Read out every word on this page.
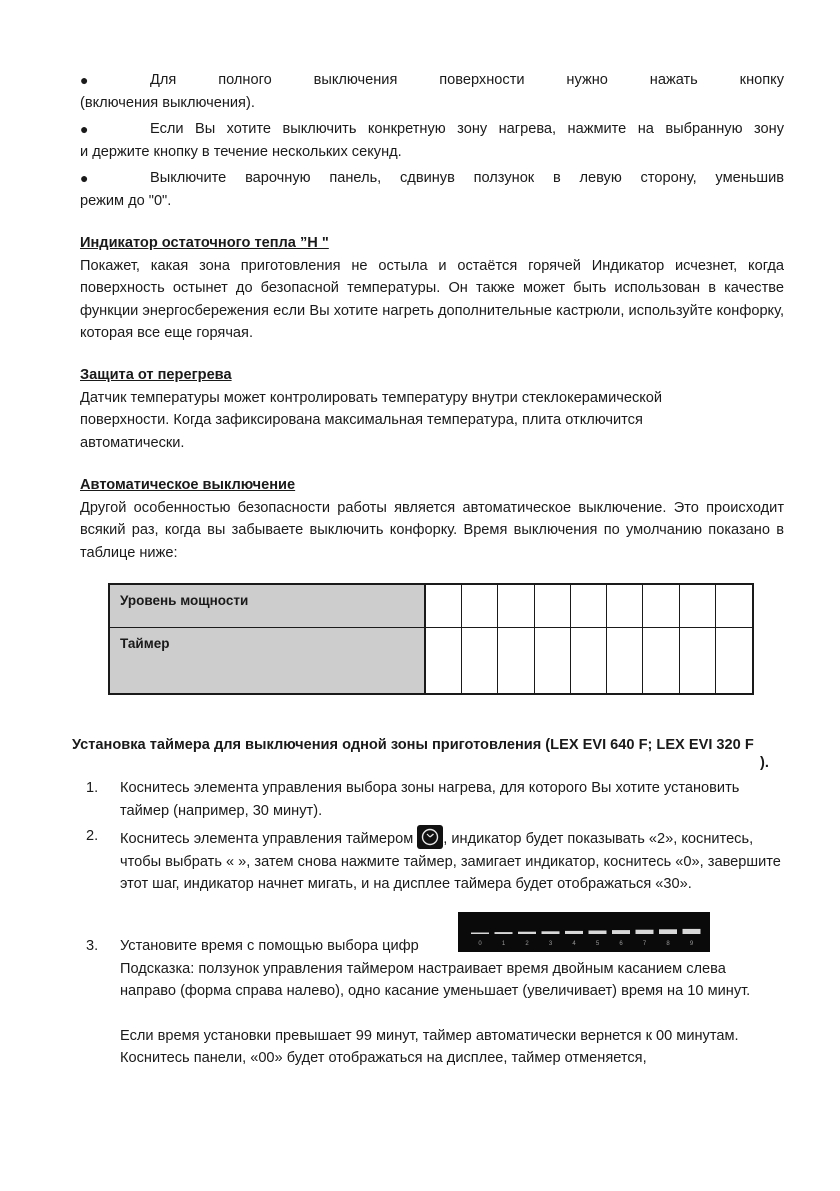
●	Для полного выключения поверхности нужно нажать кнопку
(включения выключения).
●	Если Вы хотите выключить конкретную зону нагрева, нажмите на выбранную зону
и держите кнопку в течение нескольких секунд.
●	Выключите варочную панель, сдвинув ползунок в левую сторону, уменьшив
режим до "0".
Индикатор остаточного тепла ”H "
Покажет, какая зона приготовления не остыла и остаётся горячей Индикатор исчезнет, когда поверхность остынет до безопасной температуры. Он также может быть использован в качестве функции энергосбережения если Вы хотите нагреть дополнительные кастрюли, используйте конфорку, которая все еще горячая.
Защита от перегрева
Датчик температуры может контролировать температуру внутри стеклокерамической
поверхности. Когда зафиксирована максимальная температура, плита отключится
автоматически.
Автоматическое выключение
Другой особенностью безопасности работы является автоматическое выключение. Это происходит всякий раз, когда вы забываете выключить конфорку. Время выключения по умолчанию показано в таблице ниже:
Уровень мощности
Таймер
Установка таймера для выключения одной зоны приготовления (LEX EVI 640 F; LEX EVI 320 F
).
1. Коснитесь элемента управления выбора зоны нагрева, для которого Вы хотите установить таймер (например, 30 минут).
2. Коснитесь элемента управления таймером
, индикатор будет показывать «2», коснитесь, чтобы выбрать « », затем снова нажмите таймер, замигает индикатор, коснитесь «0», завершите этот шаг, индикатор начнет мигать, и на дисплее таймера будет отображаться «30».
0	1	2	3	4	5	6	7	8	9
3. Установите время с помощью выбора цифр
Подсказка: ползунок управления таймером настраивает время двойным касанием слева направо (форма справа налево), одно касание уменьшает (увеличивает) время на 10 минут.
Если время установки превышает 99 минут, таймер автоматически вернется к 00 минутам.
Коснитесь панели, «00» будет отображаться на дисплее, таймер отменяется,
